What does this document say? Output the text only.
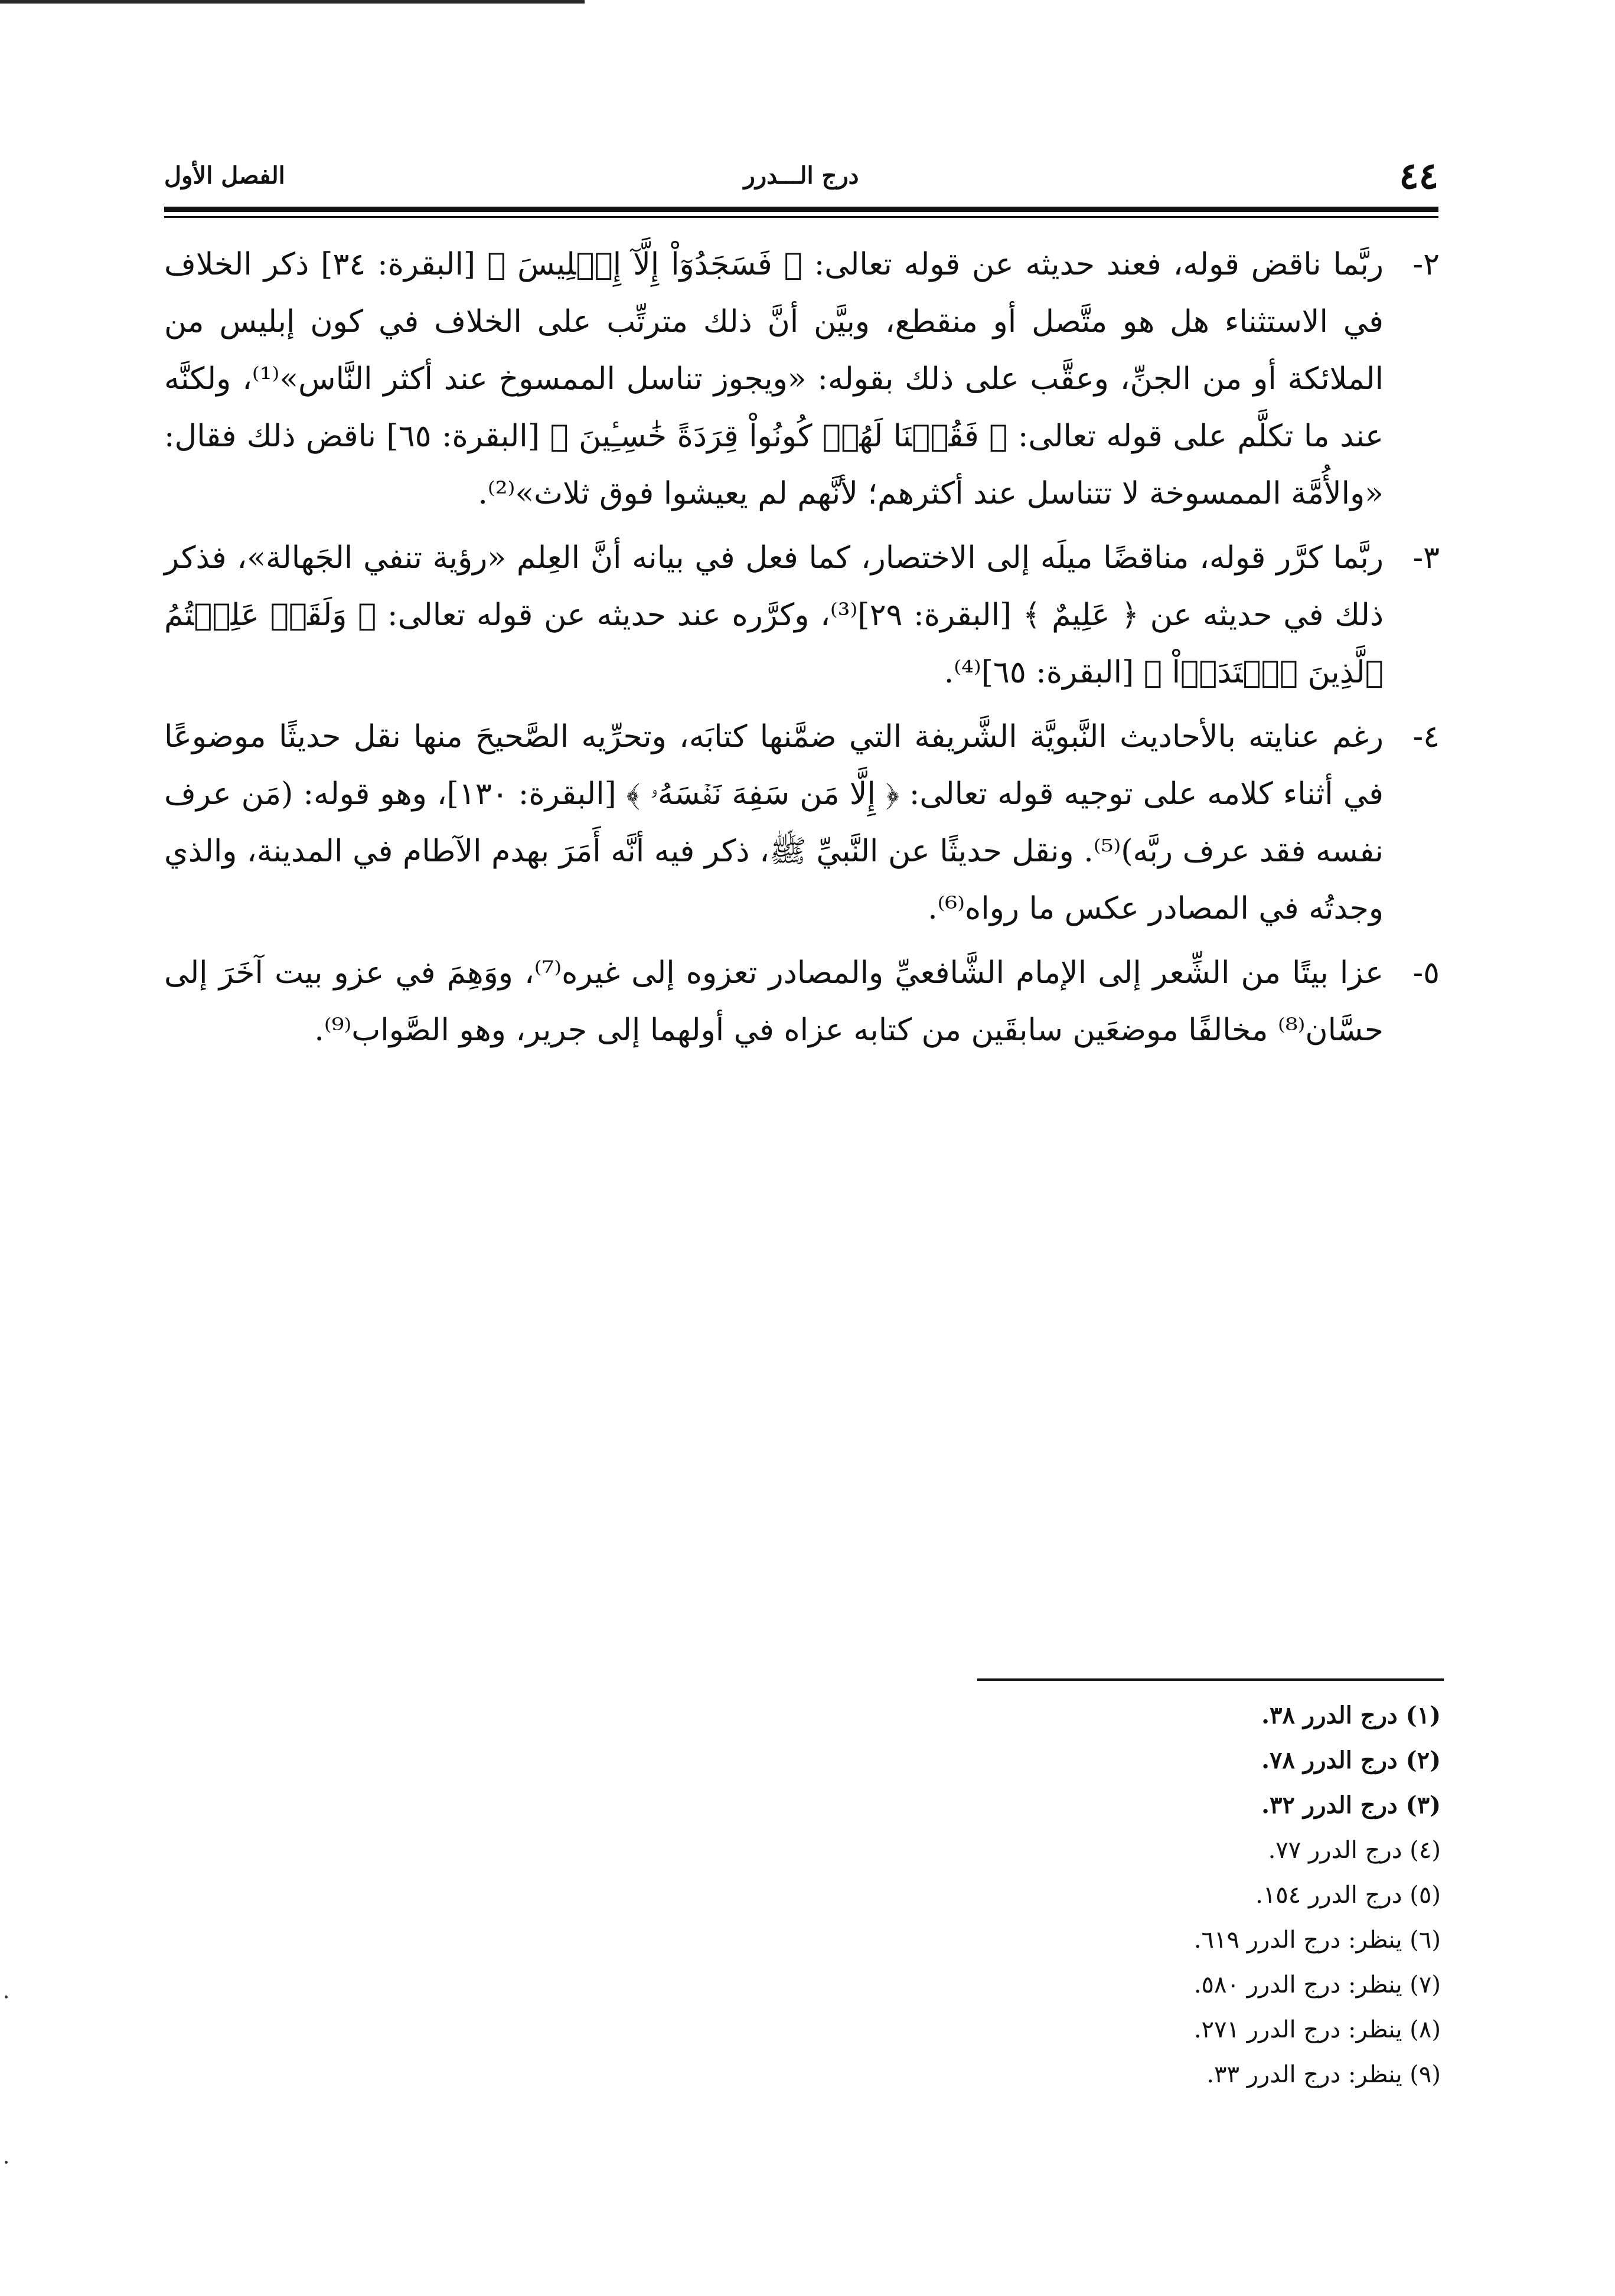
٤٤
درج الـــدرر
الفصل الأول
٢-
ربَّما ناقض قوله، فعند حديثه عن قوله تعالى: ﴿ فَسَجَدُوٓاْ إِلَّآ إِبۡلِيسَ ﴾ [البقرة: ٣٤] ذكر الخلاف في الاستثناء هل هو متَّصل أو منقطع، وبيَّن أنَّ ذلك مترتِّب على الخلاف في كون إبليس من الملائكة أو من الجنِّ، وعقَّب على ذلك بقوله: «ويجوز تناسل الممسوخ عند أكثر النَّاس»⁽¹⁾، ولكنَّه عند ما تكلَّم على قوله تعالى: ﴿ فَقُلۡنَا لَهُمۡ كُونُواْ قِرَدَةً خَٰسِـِٔينَ ﴾ [البقرة: ٦٥] ناقض ذلك فقال: «والأُمَّة الممسوخة لا تتناسل عند أكثرهم؛ لأنَّهم لم يعيشوا فوق ثلاث»⁽²⁾.
٣-
ربَّما كرَّر قوله، مناقضًا ميلَه إلى الاختصار، كما فعل في بيانه أنَّ العِلم «رؤية تنفي الجَهالة»، فذكر ذلك في حديثه عن ﴿ عَلِيمٌ ﴾ [البقرة: ٢٩]⁽³⁾، وكرَّره عند حديثه عن قوله تعالى: ﴿ وَلَقَدۡ عَلِمۡتُمُ ٱلَّذِينَ ٱعۡتَدَوۡاْ ﴾ [البقرة: ٦٥]⁽⁴⁾.
٤-
رغم عنايته بالأحاديث النَّبويَّة الشَّريفة التي ضمَّنها كتابَه، وتحرِّيه الصَّحيحَ منها نقل حديثًا موضوعًا في أثناء كلامه على توجيه قوله تعالى: ﴿ إِلَّا مَن سَفِهَ نَفۡسَهُۥ ﴾ [البقرة: ١٣٠]، وهو قوله: (مَن عرف نفسه فقد عرف ربَّه)⁽⁵⁾. ونقل حديثًا عن النَّبيِّ ﷺ، ذكر فيه أنَّه أَمَرَ بهدم الآطام في المدينة، والذي وجدتُه في المصادر عكس ما رواه⁽⁶⁾.
٥-
عزا بيتًا من الشِّعر إلى الإمام الشَّافعيِّ والمصادر تعزوه إلى غيره⁽⁷⁾، ووَهِمَ في عزو بيت آخَرَ إلى حسَّان⁽⁸⁾ مخالفًا موضعَين سابقَين من كتابه عزاه في أولهما إلى جرير، وهو الصَّواب⁽⁹⁾.
(١) درج الدرر ٣٨.
(٢) درج الدرر ٧٨.
(٣) درج الدرر ٣٢.
(٤) درج الدرر ٧٧.
(٥) درج الدرر ١٥٤.
(٦) ينظر: درج الدرر ٦١٩.
(٧) ينظر: درج الدرر ٥٨٠.
(٨) ينظر: درج الدرر ٢٧١.
(٩) ينظر: درج الدرر ٣٣.
